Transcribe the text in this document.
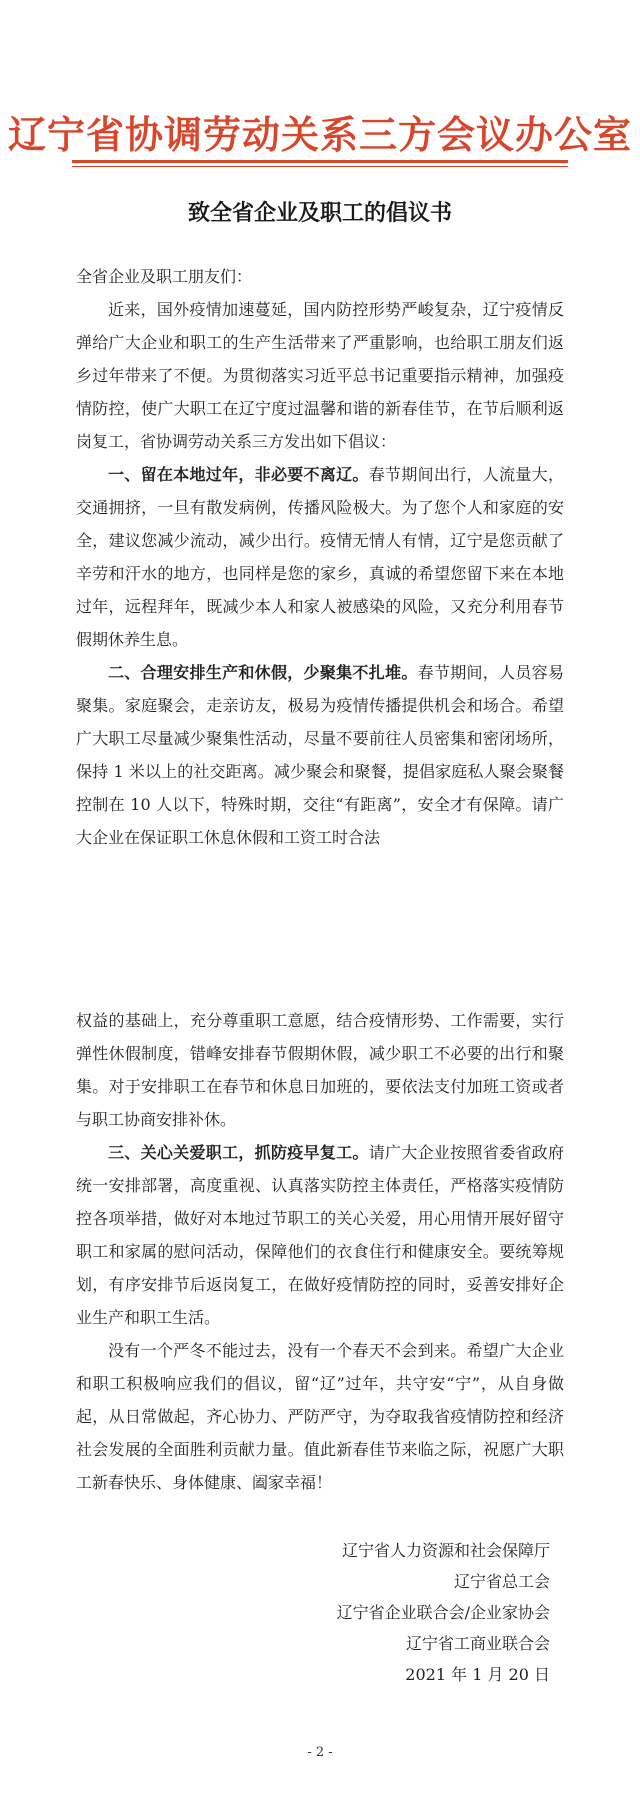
辽宁省协调劳动关系三方会议办公室
致全省企业及职工的倡议书

全省企业及职工朋友们：

近来，国外疫情加速蔓延，国内防控形势严峻复杂，辽宁疫情反弹给广大企业和职工的生产生活带来了严重影响，也给职工朋友们返乡过年带来了不便。为贯彻落实习近平总书记重要指示精神，加强疫情防控，使广大职工在辽宁度过温馨和谐的新春佳节，在节后顺利返岗复工，省协调劳动关系三方发出如下倡议：

一、留在本地过年，非必要不离辽。春节期间出行，人流量大，交通拥挤，一旦有散发病例，传播风险极大。为了您个人和家庭的安全，建议您减少流动，减少出行。疫情无情人有情，辽宁是您贡献了辛劳和汗水的地方，也同样是您的家乡，真诚的希望您留下来在本地过年，远程拜年，既减少本人和家人被感染的风险，又充分利用春节假期休养生息。

二、合理安排生产和休假，少聚集不扎堆。春节期间，人员容易聚集。家庭聚会，走亲访友，极易为疫情传播提供机会和场合。希望广大职工尽量减少聚集性活动，尽量不要前往人员密集和密闭场所，保持 1 米以上的社交距离。减少聚会和聚餐，提倡家庭私人聚会聚餐控制在 10 人以下，特殊时期，交往“有距离”，安全才有保障。请广大企业在保证职工休息休假和工资工时合法

权益的基础上，充分尊重职工意愿，结合疫情形势、工作需要，实行弹性休假制度，错峰安排春节假期休假，减少职工不必要的出行和聚集。对于安排职工在春节和休息日加班的，要依法支付加班工资或者与职工协商安排补休。

三、关心关爱职工，抓防疫早复工。请广大企业按照省委省政府统一安排部署，高度重视、认真落实防控主体责任，严格落实疫情防控各项举措，做好对本地过节职工的关心关爱，用心用情开展好留守职工和家属的慰问活动，保障他们的衣食住行和健康安全。要统筹规划，有序安排节后返岗复工，在做好疫情防控的同时，妥善安排好企业生产和职工生活。

没有一个严冬不能过去，没有一个春天不会到来。希望广大企业和职工积极响应我们的倡议，留“辽”过年，共守安“宁”，从自身做起，从日常做起，齐心协力、严防严守，为夺取我省疫情防控和经济社会发展的全面胜利贡献力量。值此新春佳节来临之际，祝愿广大职工新春快乐、身体健康、阖家幸福！

辽宁省人力资源和社会保障厅
辽宁省总工会
辽宁省企业联合会/企业家协会
辽宁省工商业联合会
2021 年 1 月 20 日
- 2 -
